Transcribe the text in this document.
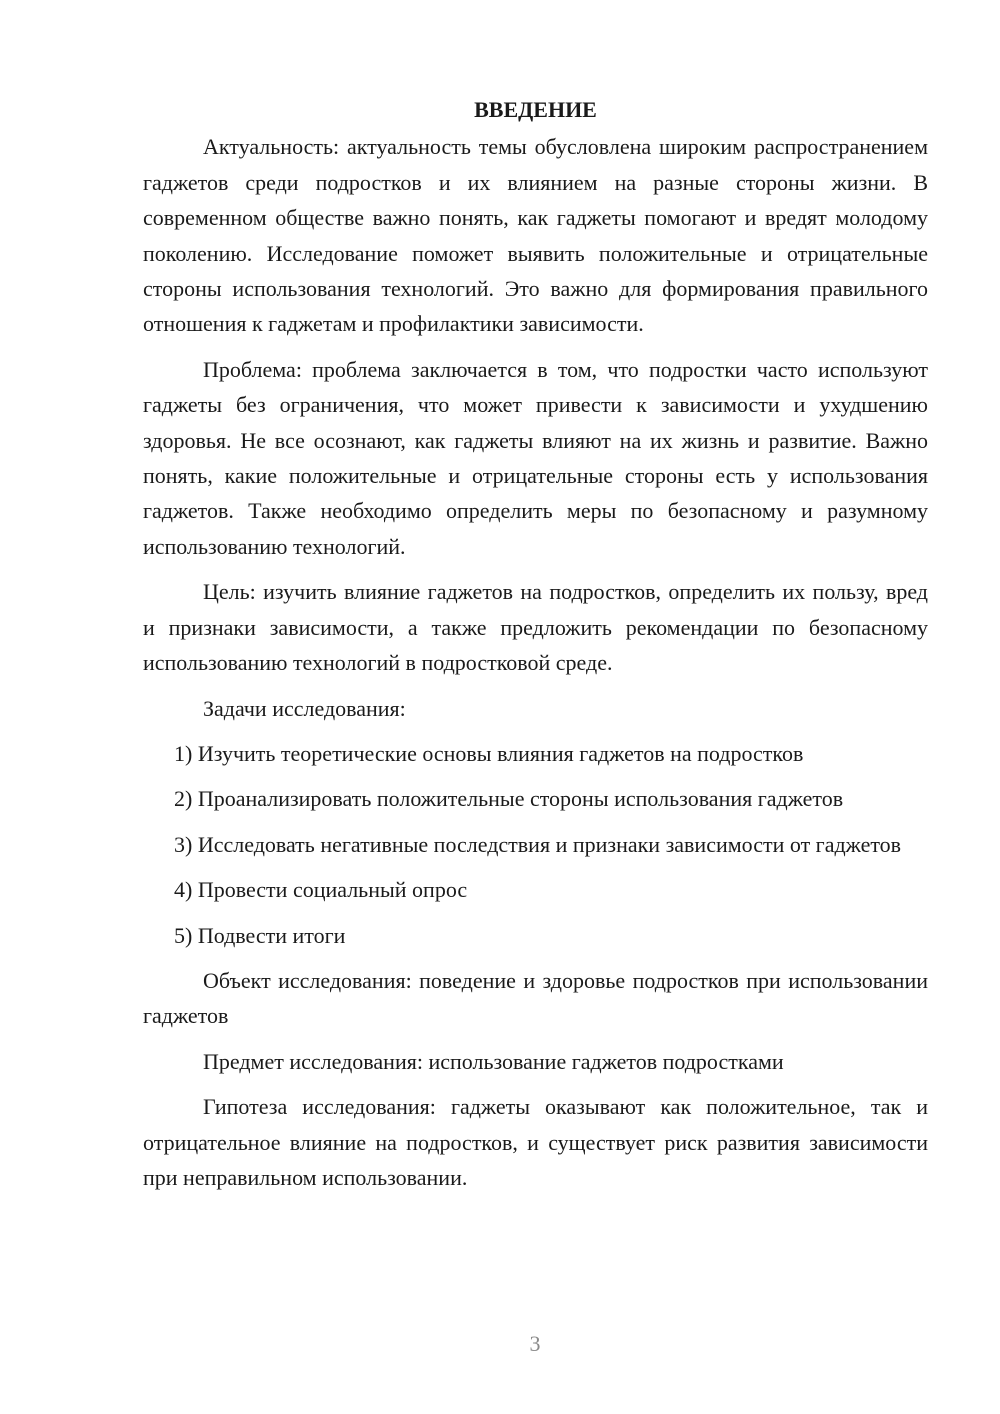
ВВЕДЕНИЕ

Актуальность: актуальность темы обусловлена широким распространением гаджетов среди подростков и их влиянием на разные стороны жизни. В современном обществе важно понять, как гаджеты помогают и вредят молодому поколению. Исследование поможет выявить положительные и отрицательные стороны использования технологий. Это важно для формирования правильного отношения к гаджетам и профилактики зависимости.

Проблема: проблема заключается в том, что подростки часто используют гаджеты без ограничения, что может привести к зависимости и ухудшению здоровья. Не все осознают, как гаджеты влияют на их жизнь и развитие. Важно понять, какие положительные и отрицательные стороны есть у использования гаджетов. Также необходимо определить меры по безопасному и разумному использованию технологий.

Цель: изучить влияние гаджетов на подростков, определить их пользу, вред и признаки зависимости, а также предложить рекомендации по безопасному использованию технологий в подростковой среде.

Задачи исследования:

1) Изучить теоретические основы влияния гаджетов на подростков

2) Проанализировать положительные стороны использования гаджетов

3) Исследовать негативные последствия и признаки зависимости от гаджетов

4) Провести социальный опрос

5) Подвести итоги

Объект исследования: поведение и здоровье подростков при использовании гаджетов

Предмет исследования: использование гаджетов подростками

Гипотеза исследования: гаджеты оказывают как положительное, так и отрицательное влияние на подростков, и существует риск развития зависимости при неправильном использовании.

3
